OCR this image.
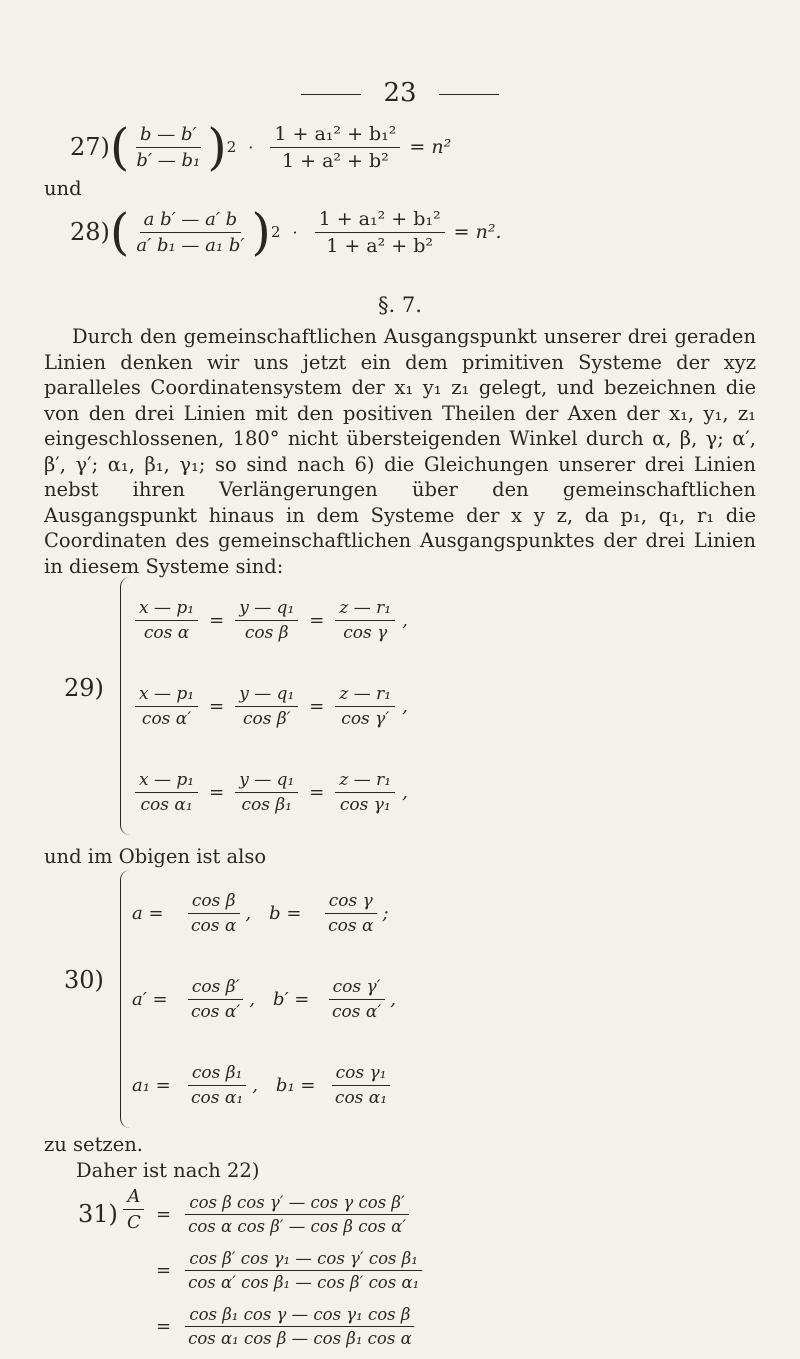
23
27) ( $\frac{b — b'}{\text{b′ — b₁}}$ ) $2 \cdot \frac{\text{1 + a₁² + b₁²}}{\text{1 + a² + b²}} = n^2$
und
28) ( $\frac{\text{a b′ — a′ b}}{\text{a′ b₁ — a₁ b′}}$ ) $2 \cdot \frac{\text{1 + a₁² + b₁²}}{\text{1 + a² + b²}} = n^2$.
§. 7.
Durch den gemeinschaftlichen Ausgangspunkt unserer drei geraden Linien denken wir uns jetzt ein dem primitiven Systeme der xyz paralleles Coordinatensystem der x₁ y₁ z₁ gelegt, und bezeichnen die von den drei Linien mit den positiven Theilen der Axen der x₁, y₁, z₁ eingeschlossenen, 180° nicht übersteigenden Winkel durch α, β, γ; α′, β′, γ′; α₁, β₁, γ₁; so sind nach 6) die Gleichungen unserer drei Linien nebst ihren Verlängerungen über den gemeinschaftlichen Ausgangspunkt hinaus in dem Systeme der x y z, da p₁, q₁, r₁ die Coordinaten des gemeinschaftlichen Ausgangspunktes der drei Linien in diesem Systeme sind:
29)
$\frac{\text{x — p₁}}{\text{cos α}} = \frac{\text{y — q₁}}{\text{cos β}} = \frac{\text{z — r₁}}{\text{cos γ}}$ ,
$\frac{\text{x — p₁}}{\text{cos α′}} = \frac{\text{y — q₁}}{\text{cos β′}} = \frac{\text{z — r₁}}{\text{cos γ′}}$ ,
$\frac{\text{x — p₁}}{\text{cos α₁}} = \frac{\text{y — q₁}}{\text{cos β₁}} = \frac{\text{z — r₁}}{\text{cos γ₁}}$ ,
und im Obigen ist also
30)
a =	$\frac{\text{cos β}}{\text{cos α}}$ , b =	$\frac{\text{cos γ}}{\text{cos α}}$ ;
a′ =	$\frac{\text{cos β′}}{\text{cos α′}}$ , b′ =	$\frac{\text{cos γ′}}{\text{cos α′}}$ ,
$a_1 = \frac{\text{cos β₁}}{\text{cos α₁}}$ , $b_1 = \frac{\text{cos γ₁}}{\text{cos α₁}}$
zu setzen.
Daher ist nach 22)
$31) \frac{A}{C} = \frac{\text{cos β cos γ′ — cos γ cos β′}}{\text{cos α cos β′ — cos β cos α′}}$
= $\frac{\text{cos β′ cos γ₁ — cos γ′ cos β₁}}{\text{cos α′ cos β₁ — cos β′ cos α₁}}$
= $\frac{\text{cos β₁ cos γ — cos γ₁ cos β}}{\text{cos α₁ cos β — cos β₁ cos α}}$
